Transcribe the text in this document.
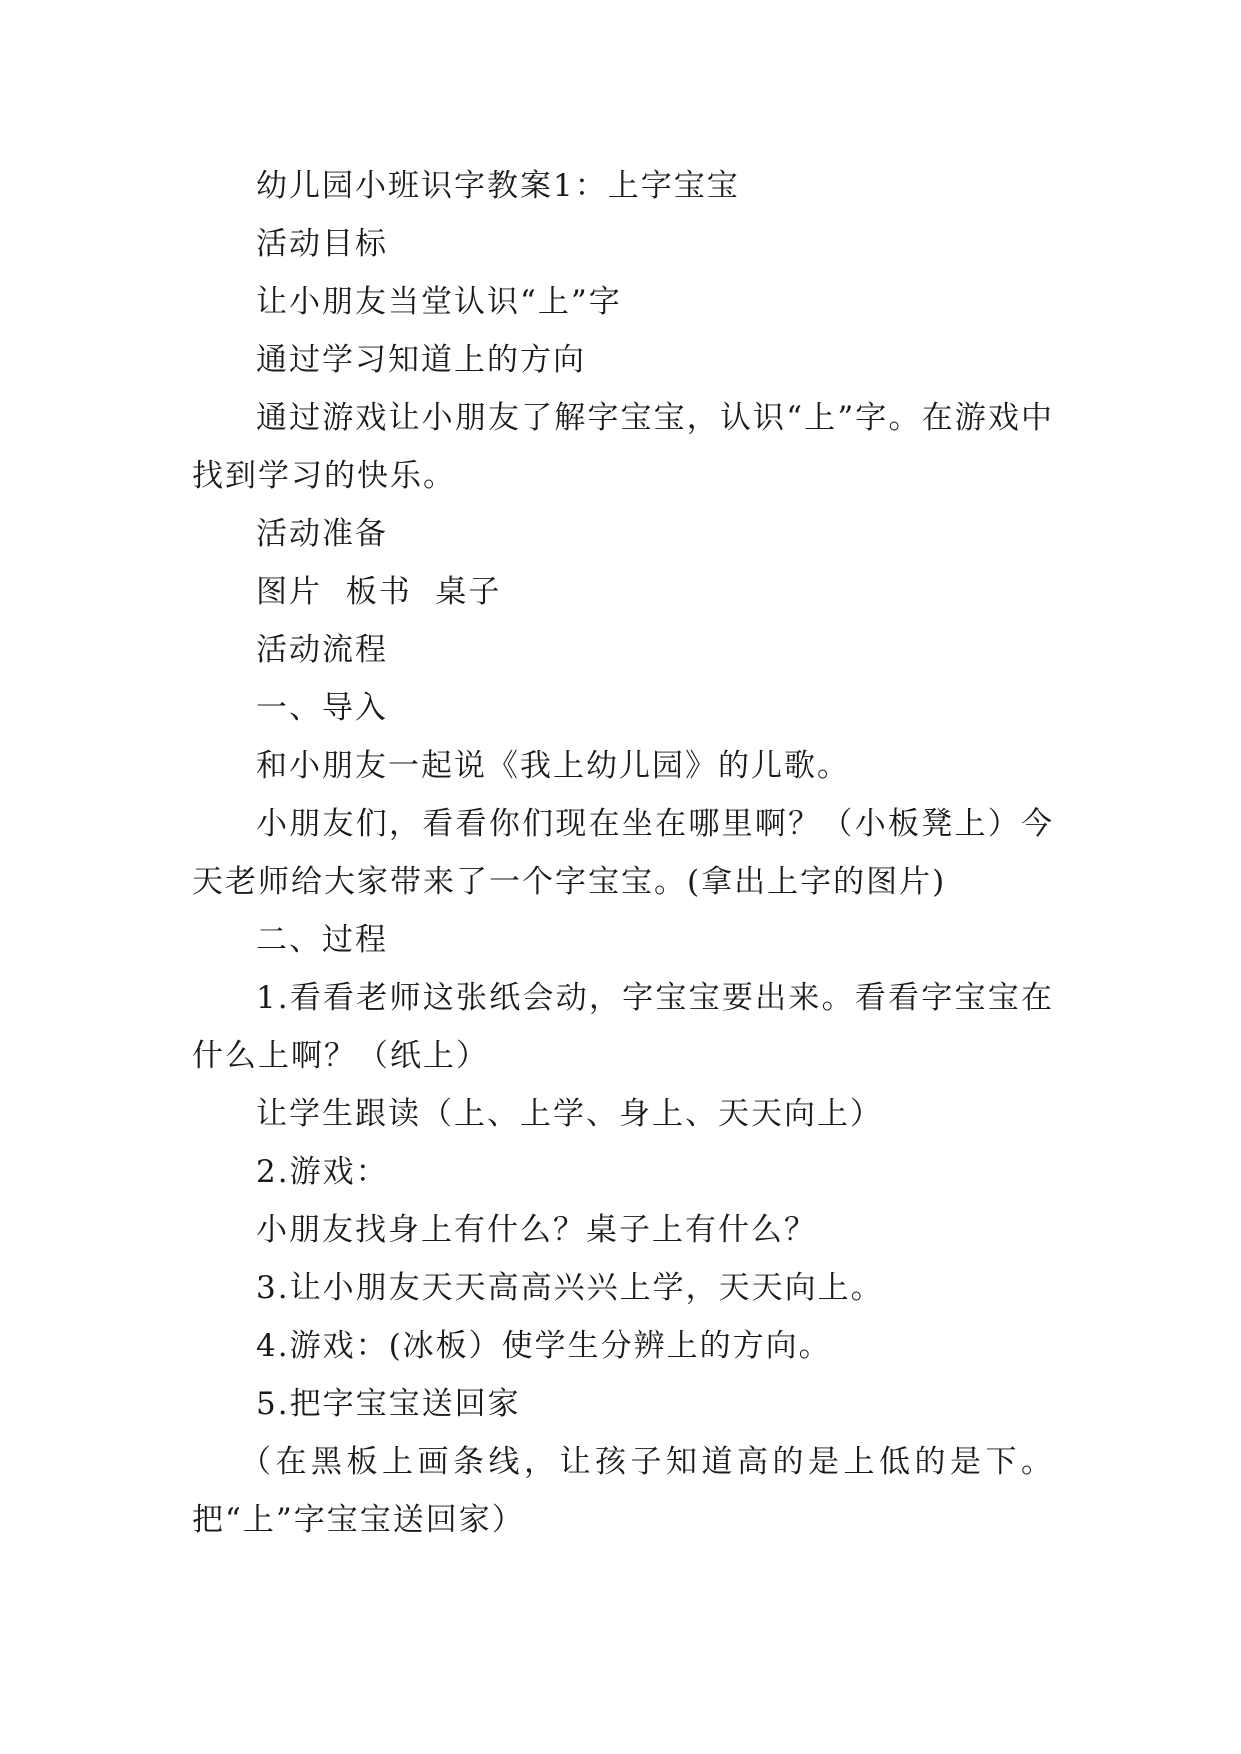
幼儿园小班识字教案1：上字宝宝

活动目标

让小朋友当堂认识“上”字

通过学习知道上的方向

通过游戏让小朋友了解字宝宝，认识“上”字。在游戏中找到学习的快乐。

活动准备

图片  板书  桌子

活动流程

一、导入

和小朋友一起说《我上幼儿园》的儿歌。

小朋友们，看看你们现在坐在哪里啊？（小板凳上）今天老师给大家带来了一个字宝宝。(拿出上字的图片)

二、过程

1.看看老师这张纸会动，字宝宝要出来。看看字宝宝在什么上啊？（纸上）

让学生跟读（上、上学、身上、天天向上）

2.游戏：

小朋友找身上有什么？桌子上有什么？

3.让小朋友天天高高兴兴上学，天天向上。

4.游戏：(冰板）使学生分辨上的方向。

5.把字宝宝送回家

（在黑板上画条线，让孩子知道高的是上低的是下。把“上”字宝宝送回家）
